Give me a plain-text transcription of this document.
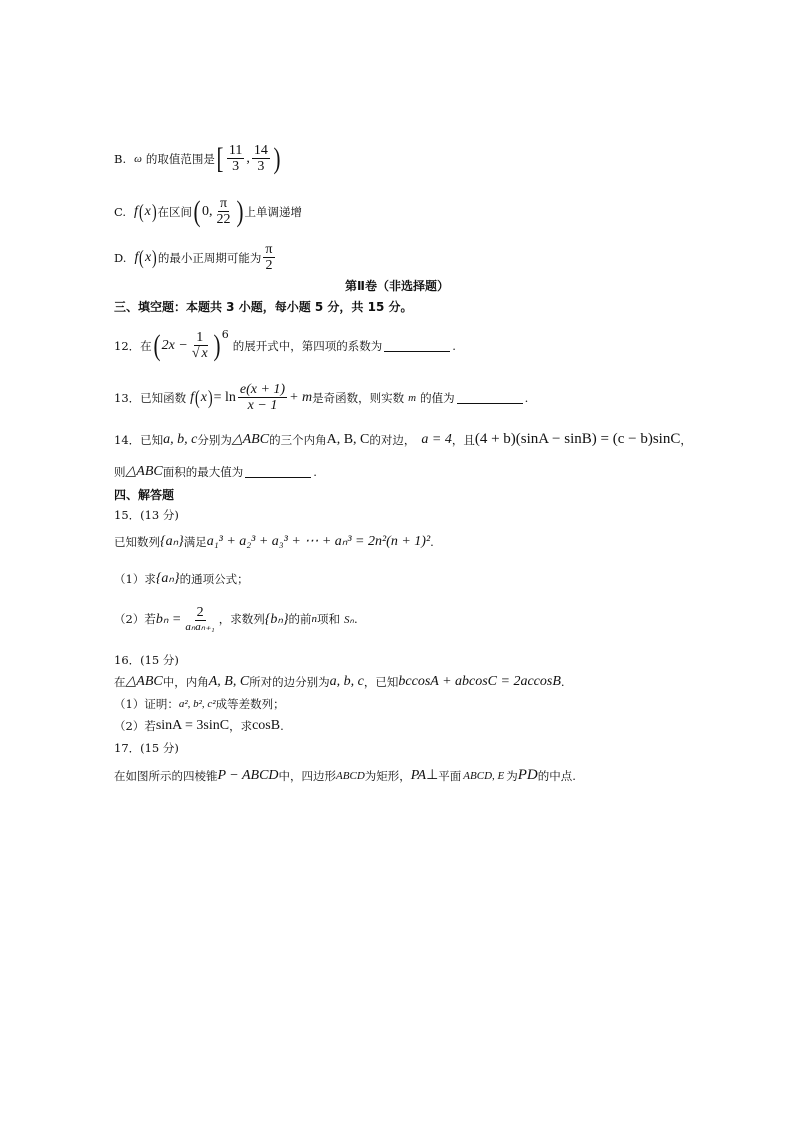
B. ω 的取值范围是 [ $\frac{11}{3}$ , $\frac{14}{3}$ )
C. f ( x ) 在区间 ( 0, $\frac{\pi}{22}$ ) 上单调递增
D. f ( x ) 的最小正周期可能为 $\frac{\pi}{2}$
第Ⅱ卷（非选择题）
三、填空题：本题共 3 小题，每小题 5 分，共 15 分。
12．在 ( $2x - \frac{1}{√ x}$ ) 6
的展开式中，第四项的系数为	.
13．已知函数 f ( x ) = $\ln \frac{e(x + 1)}{x - 1} + m$ 是奇函数，则实数 m 的值为	.
14．已知 a, b, c 分别为 △ABC 的三个内角 A, B, C 的对边， a = 4 ，且 (4 + b)(sinA − sinB) = (c − b)sinC ，
则 △ABC 面积的最大值为	.
四、解答题
15．(13 分)
已知数列 {aₙ} 满足 a₁³ + a₂³ + a₃³ + ⋯ + aₙ³ = 2n²(n + 1)² .
（1）求 {aₙ} 的通项公式；
（2）若 $b_n = \frac{2}{\text{aₙaₙ₊₁}}$ ，求数列 {bₙ} 的前 n 项和 Sₙ .
16．(15 分)
在 △ABC 中，内角 A, B, C 所对的边分别为 a, b, c ，已知 bccosA + abcosC = 2accosB .
（1）证明： a², b², c² 成等差数列；
（2）若 sinA = 3sinC ，求 cosB .
17．(15 分)
在如图所示的四棱锥 P − ABCD 中，四边形 ABCD 为矩形， PA ⊥ 平面 ABCD, E 为 PD 的中点.
